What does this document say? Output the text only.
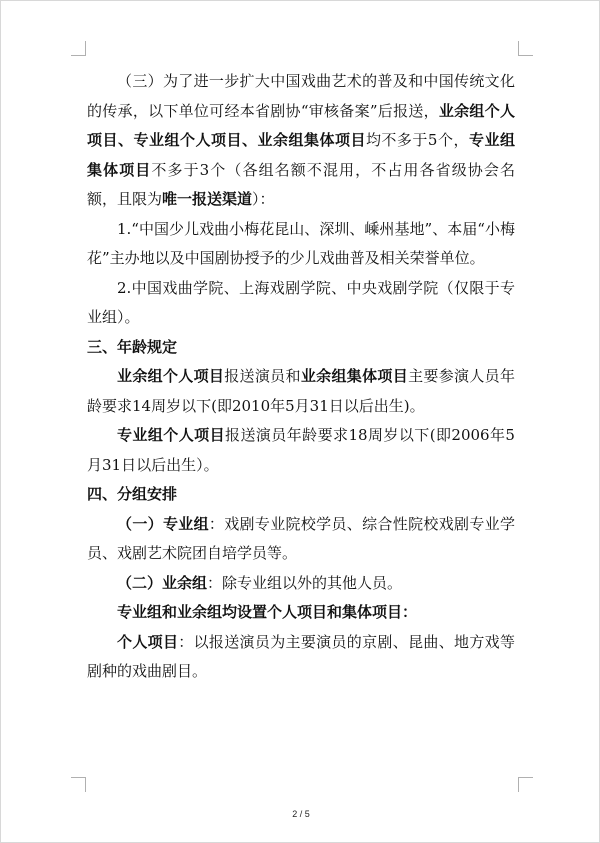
（三）为了进一步扩大中国戏曲艺术的普及和中国传统文化的传承，以下单位可经本省剧协“审核备案”后报送，业余组个人项目、专业组个人项目、业余组集体项目均不多于5个，专业组集体项目不多于3个（各组名额不混用，不占用各省级协会名额，且限为唯一报送渠道）：

1.“中国少儿戏曲小梅花昆山、深圳、嵊州基地”、本届“小梅花”主办地以及中国剧协授予的少儿戏曲普及相关荣誉单位。

2.中国戏曲学院、上海戏剧学院、中央戏剧学院（仅限于专业组）。

三、年龄规定

业余组个人项目报送演员和业余组集体项目主要参演人员年龄要求14周岁以下(即2010年5月31日以后出生)。

专业组个人项目报送演员年龄要求18周岁以下(即2006年5月31日以后出生）。

四、分组安排

（一）专业组：戏剧专业院校学员、综合性院校戏剧专业学员、戏剧艺术院团自培学员等。

（二）业余组：除专业组以外的其他人员。

专业组和业余组均设置个人项目和集体项目：

个人项目：以报送演员为主要演员的京剧、昆曲、地方戏等剧种的戏曲剧目。

2 / 5
